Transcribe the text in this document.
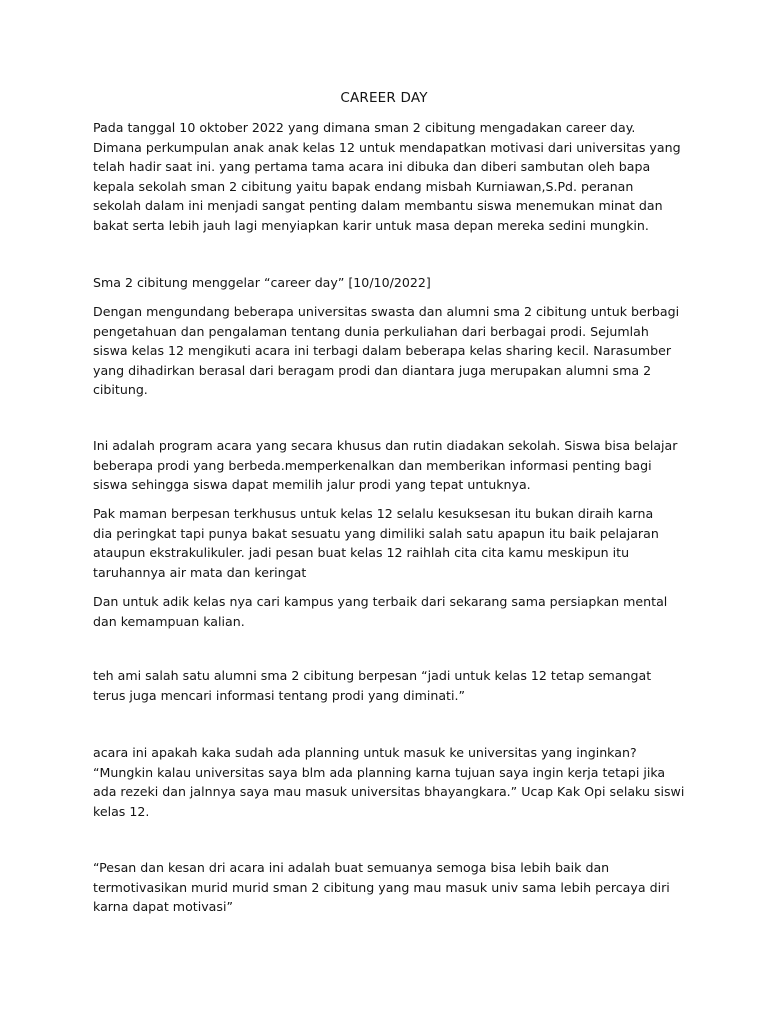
CAREER DAY

Pada tanggal 10 oktober 2022 yang dimana sman 2 cibitung mengadakan career day.
Dimana perkumpulan anak anak kelas 12 untuk mendapatkan motivasi dari universitas yang
telah hadir saat ini. yang pertama tama acara ini dibuka dan diberi sambutan oleh bapa
kepala sekolah sman 2 cibitung yaitu bapak endang misbah Kurniawan,S.Pd. peranan
sekolah dalam ini menjadi sangat penting dalam membantu siswa menemukan minat dan
bakat serta lebih jauh lagi menyiapkan karir untuk masa depan mereka sedini mungkin.

Sma 2 cibitung menggelar “career day” [10/10/2022]

Dengan mengundang beberapa universitas swasta dan alumni sma 2 cibitung untuk berbagi
pengetahuan dan pengalaman tentang dunia perkuliahan dari berbagai prodi. Sejumlah
siswa kelas 12 mengikuti acara ini terbagi dalam beberapa kelas sharing kecil. Narasumber
yang dihadirkan berasal dari beragam prodi dan diantara juga merupakan alumni sma 2
cibitung.

Ini adalah program acara yang secara khusus dan rutin diadakan sekolah. Siswa bisa belajar
beberapa prodi yang berbeda.memperkenalkan dan memberikan informasi penting bagi
siswa sehingga siswa dapat memilih jalur prodi yang tepat untuknya.

Pak maman berpesan terkhusus untuk kelas 12 selalu kesuksesan itu bukan diraih karna
dia peringkat tapi punya bakat sesuatu yang dimiliki salah satu apapun itu baik pelajaran
ataupun ekstrakulikuler. jadi pesan buat kelas 12 raihlah cita cita kamu meskipun itu
taruhannya air mata dan keringat

Dan untuk adik kelas nya cari kampus yang terbaik dari sekarang sama persiapkan mental
dan kemampuan kalian.

teh ami salah satu alumni sma 2 cibitung berpesan “jadi untuk kelas 12 tetap semangat
terus juga mencari informasi tentang prodi yang diminati.”

acara ini apakah kaka sudah ada planning untuk masuk ke universitas yang inginkan?
“Mungkin kalau universitas saya blm ada planning karna tujuan saya ingin kerja tetapi jika
ada rezeki dan jalnnya saya mau masuk universitas bhayangkara.” Ucap Kak Opi selaku siswi
kelas 12.

“Pesan dan kesan dri acara ini adalah buat semuanya semoga bisa lebih baik dan
termotivasikan murid murid sman 2 cibitung yang mau masuk univ sama lebih percaya diri
karna dapat motivasi”
